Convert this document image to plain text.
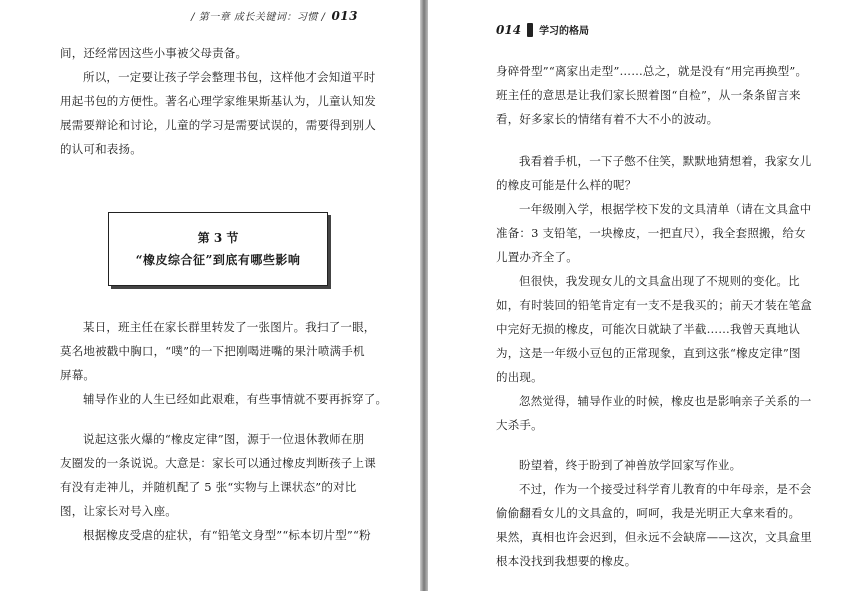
/ 第一章 成长关键词：习惯 / 013
间，还经常因这些小事被父母责备。
所以，一定要让孩子学会整理书包，这样他才会知道平时
用起书包的方便性。著名心理学家维果斯基认为，儿童认知发
展需要辩论和讨论，儿童的学习是需要试误的，需要得到别人
的认可和表扬。
第 3 节
“橡皮综合征”到底有哪些影响
某日，班主任在家长群里转发了一张图片。我扫了一眼，
莫名地被戳中胸口，“噗”的一下把刚喝进嘴的果汁喷满手机
屏幕。
辅导作业的人生已经如此艰难，有些事情就不要再拆穿了。
说起这张火爆的“橡皮定律”图，源于一位退休教师在朋
友圈发的一条说说。大意是：家长可以通过橡皮判断孩子上课
有没有走神儿，并随机配了 5 张“实物与上课状态”的对比
图，让家长对号入座。
根据橡皮受虐的症状，有“铅笔文身型”“标本切片型”“粉
014 学习的格局
身碎骨型”“离家出走型”……总之，就是没有“用完再换型”。
班主任的意思是让我们家长照着图“自检”，从一条条留言来
看，好多家长的情绪有着不大不小的波动。
我看着手机，一下子憋不住笑，默默地猜想着，我家女儿
的橡皮可能是什么样的呢？
一年级刚入学，根据学校下发的文具清单（请在文具盒中
准备：3 支铅笔，一块橡皮，一把直尺），我全套照搬，给女
儿置办齐全了。
但很快，我发现女儿的文具盒出现了不规则的变化。比
如，有时装回的铅笔肯定有一支不是我买的；前天才装在笔盒
中完好无损的橡皮，可能次日就缺了半截……我曾天真地认
为，这是一年级小豆包的正常现象，直到这张“橡皮定律”图
的出现。
忽然觉得，辅导作业的时候，橡皮也是影响亲子关系的一
大杀手。
盼望着，终于盼到了神兽放学回家写作业。
不过，作为一个接受过科学育儿教育的中年母亲，是不会
偷偷翻看女儿的文具盒的，呵呵，我是光明正大拿来看的。
果然，真相也许会迟到，但永远不会缺席——这次，文具盒里
根本没找到我想要的橡皮。
